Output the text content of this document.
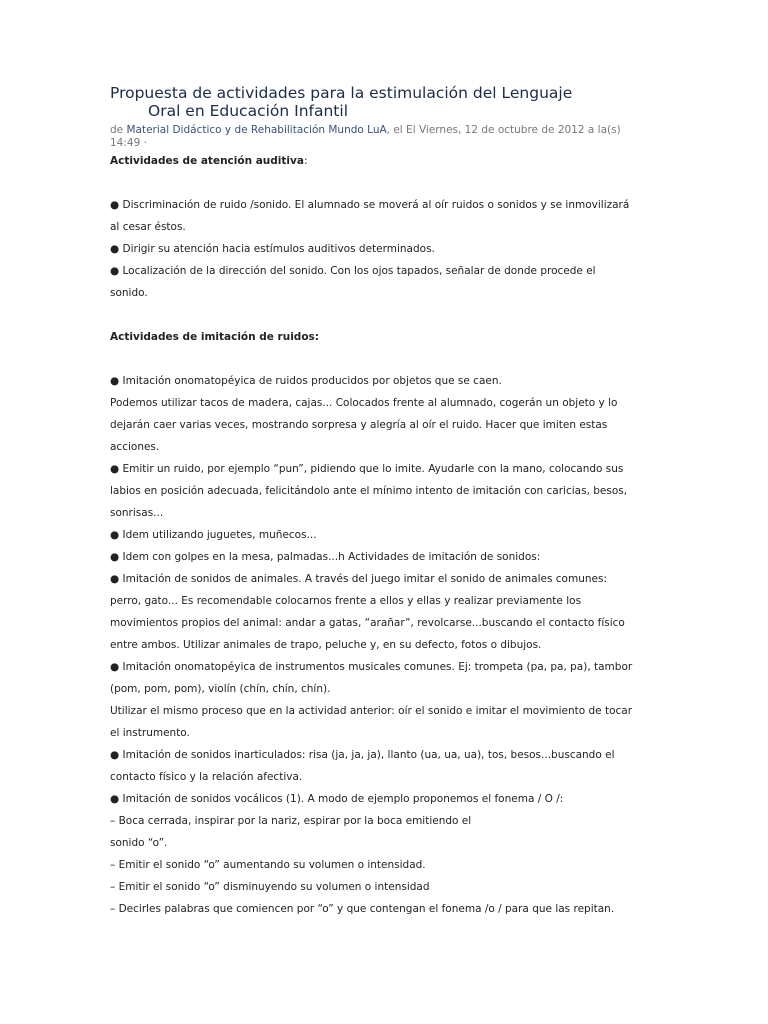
Propuesta de actividades para la estimulación del Lenguaje
Oral en Educación Infantil
de Material Didáctico y de Rehabilitación Mundo LuA, el El Viernes, 12 de octubre de 2012 a la(s)
14:49 ·
Actividades de atención auditiva:
● Discriminación de ruido /sonido. El alumnado se moverá al oír ruidos o sonidos y se inmovilizará
al cesar éstos.
● Dirigir su atención hacia estímulos auditivos determinados.
● Localización de la dirección del sonido. Con los ojos tapados, señalar de donde procede el
sonido.
Actividades de imitación de ruidos:
● Imitación onomatopéyica de ruidos producidos por objetos que se caen.
Podemos utilizar tacos de madera, cajas... Colocados frente al alumnado, cogerán un objeto y lo
dejarán caer varias veces, mostrando sorpresa y alegría al oír el ruido. Hacer que imiten estas
acciones.
● Emitir un ruido, por ejemplo “pun”, pidiendo que lo imite. Ayudarle con la mano, colocando sus
labios en posición adecuada, felicitándolo ante el mínimo intento de imitación con caricias, besos,
sonrisas...
● Idem utilizando juguetes, muñecos...
● Idem con golpes en la mesa, palmadas...h Actividades de imitación de sonidos:
● Imitación de sonidos de animales. A través del juego imitar el sonido de animales comunes:
perro, gato... Es recomendable colocarnos frente a ellos y ellas y realizar previamente los
movimientos propios del animal: andar a gatas, “arañar”, revolcarse...buscando el contacto físico
entre ambos. Utilizar animales de trapo, peluche y, en su defecto, fotos o dibujos.
● Imitación onomatopéyica de instrumentos musicales comunes. Ej: trompeta (pa, pa, pa), tambor
(pom, pom, pom), violín (chín, chín, chín).
Utilizar el mismo proceso que en la actividad anterior: oír el sonido e imitar el movimiento de tocar
el instrumento.
● Imitación de sonidos inarticulados: risa (ja, ja, ja), llanto (ua, ua, ua), tos, besos...buscando el
contacto físico y la relación afectiva.
● Imitación de sonidos vocálicos (1). A modo de ejemplo proponemos el fonema / O /:
– Boca cerrada, inspirar por la nariz, espirar por la boca emitiendo el
sonido “o”.
– Emitir el sonido “o” aumentando su volumen o intensidad.
– Emitir el sonido “o” disminuyendo su volumen o intensidad
– Decirles palabras que comiencen por “o” y que contengan el fonema /o / para que las repitan.
